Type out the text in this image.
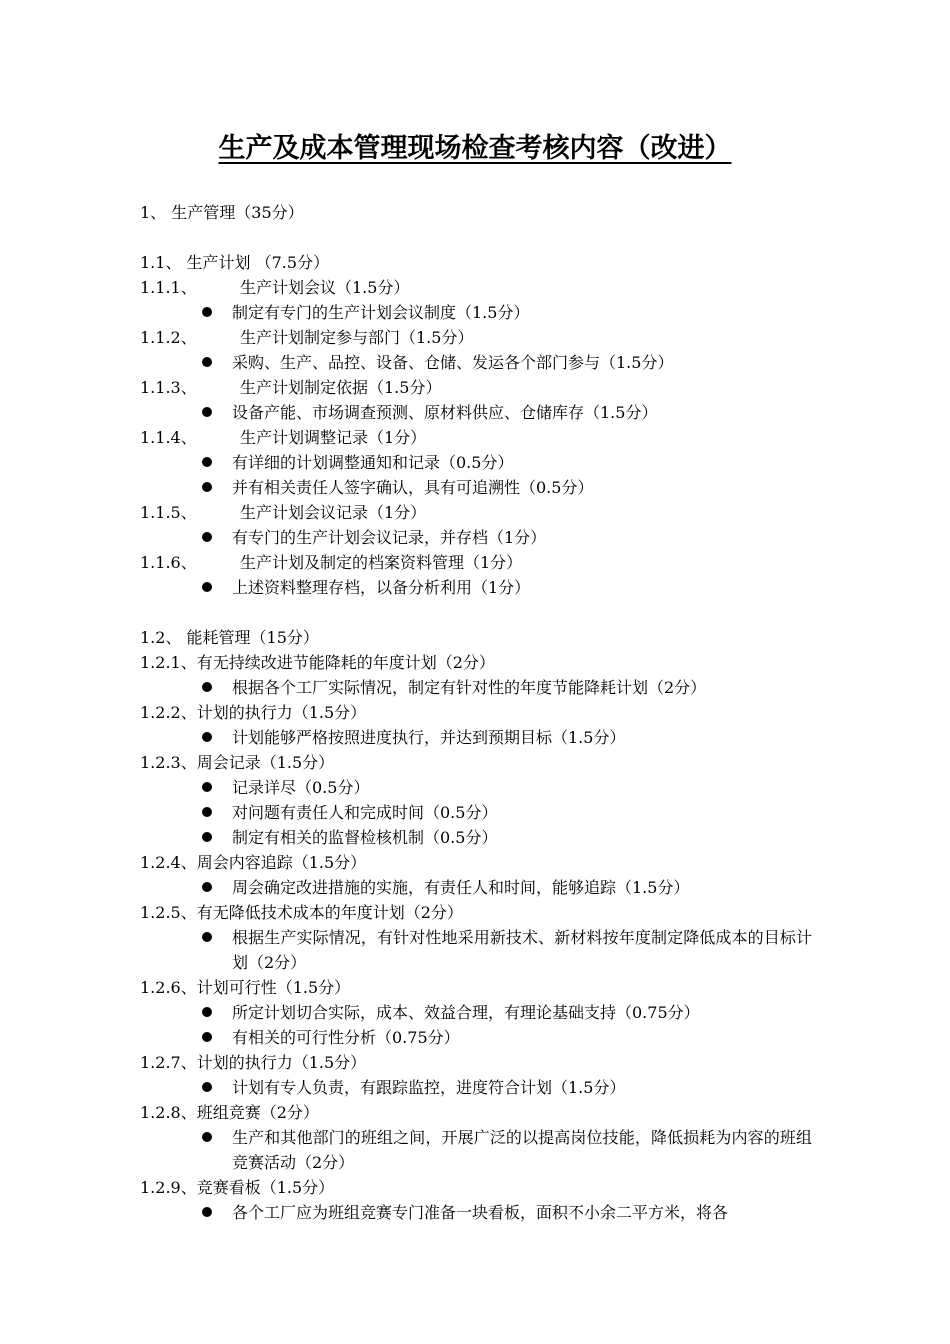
生产及成本管理现场检查考核内容（改进）
1、 生产管理（35分）
1.1、 生产计划 （7.5分）
1.1.1、	生产计划会议（1.5分）
制定有专门的生产计划会议制度（1.5分）
1.1.2、	生产计划制定参与部门（1.5分）
采购、生产、品控、设备、仓储、发运各个部门参与（1.5分）
1.1.3、	生产计划制定依据（1.5分）
设备产能、市场调查预测、原材料供应、仓储库存（1.5分）
1.1.4、	生产计划调整记录（1分）
有详细的计划调整通知和记录（0.5分）
并有相关责任人签字确认，具有可追溯性（0.5分）
1.1.5、	生产计划会议记录（1分）
有专门的生产计划会议记录，并存档（1分）
1.1.6、	生产计划及制定的档案资料管理（1分）
上述资料整理存档，以备分析利用（1分）
1.2、 能耗管理（15分）
1.2.1、有无持续改进节能降耗的年度计划（2分）
根据各个工厂实际情况，制定有针对性的年度节能降耗计划（2分）
1.2.2、计划的执行力（1.5分）
计划能够严格按照进度执行，并达到预期目标（1.5分）
1.2.3、周会记录（1.5分）
记录详尽（0.5分）
对问题有责任人和完成时间（0.5分）
制定有相关的监督检核机制（0.5分）
1.2.4、周会内容追踪（1.5分）
周会确定改进措施的实施，有责任人和时间，能够追踪（1.5分）
1.2.5、有无降低技术成本的年度计划（2分）
根据生产实际情况，有针对性地采用新技术、新材料按年度制定降低成本的目标计划（2分）
1.2.6、计划可行性（1.5分）
所定计划切合实际，成本、效益合理，有理论基础支持（0.75分）
有相关的可行性分析（0.75分）
1.2.7、计划的执行力（1.5分）
计划有专人负责，有跟踪监控，进度符合计划（1.5分）
1.2.8、班组竞赛（2分）
生产和其他部门的班组之间，开展广泛的以提高岗位技能，降低损耗为内容的班组竞赛活动（2分）
1.2.9、竞赛看板（1.5分）
各个工厂应为班组竞赛专门准备一块看板，面积不小余二平方米，将各
